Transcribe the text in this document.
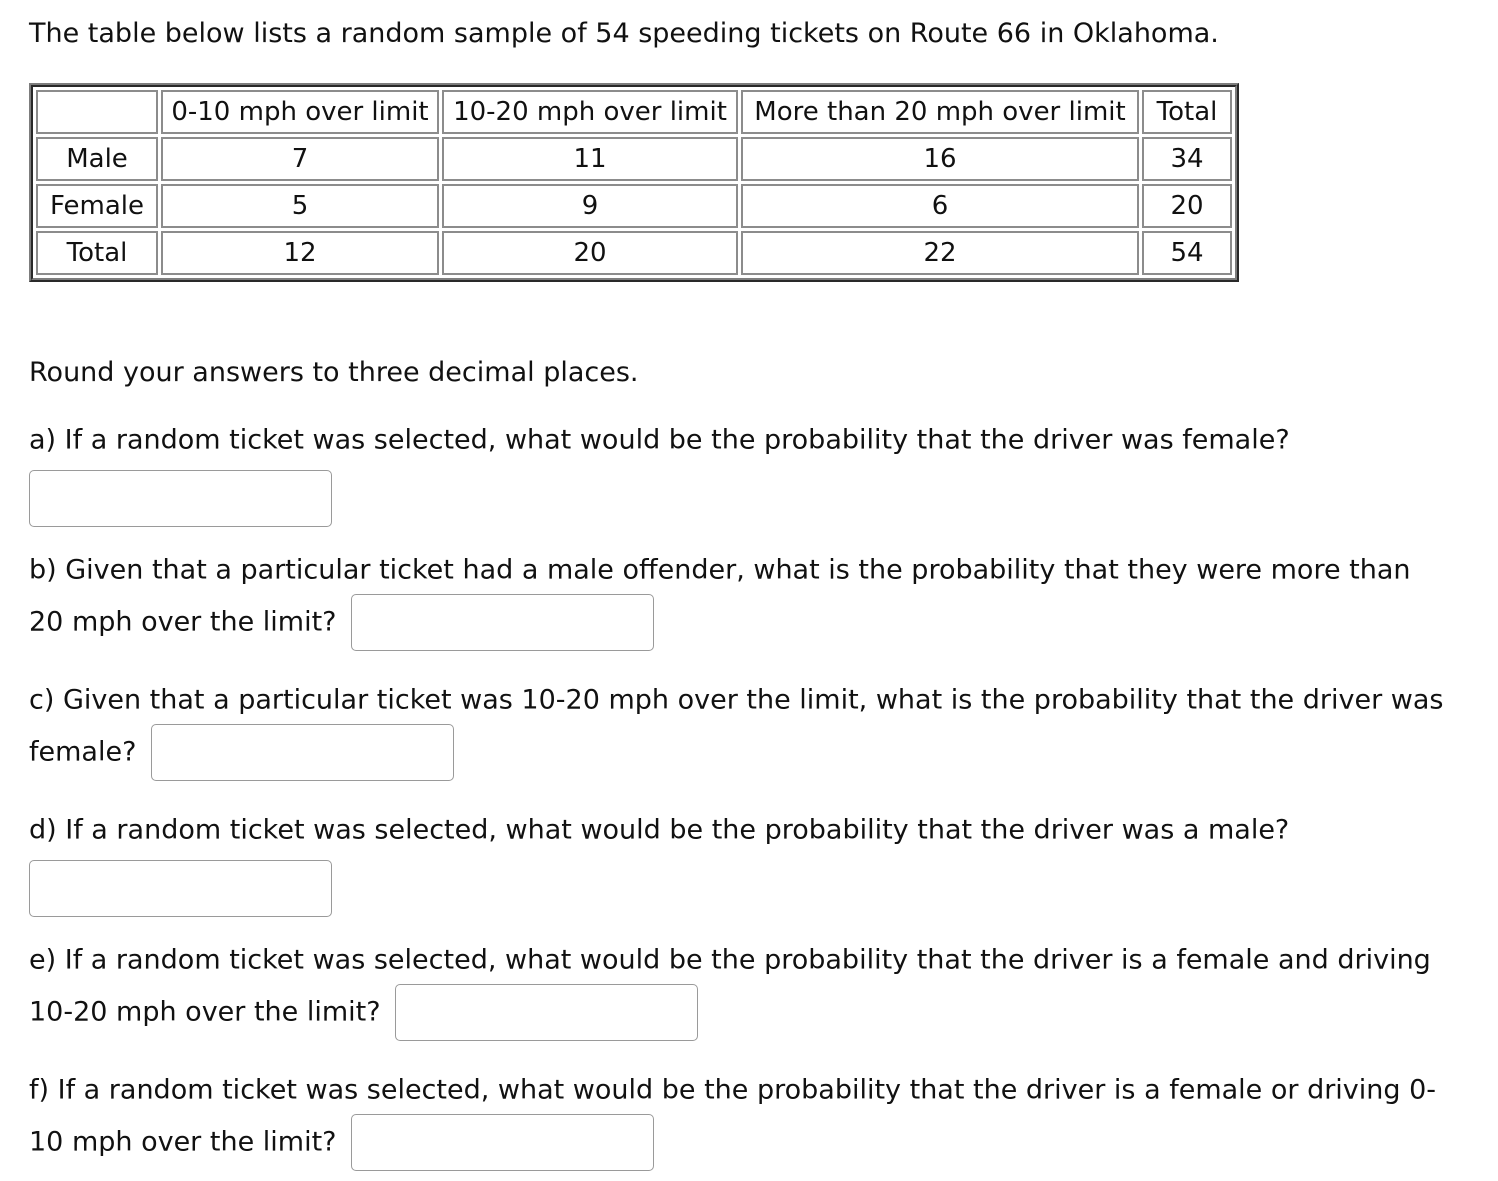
The table below lists a random sample of 54 speeding tickets on Route 66 in Oklahoma.

	0-10 mph over limit	10-20 mph over limit	More than 20 mph over limit	Total
Male	7	11	16	34
Female	5	9	6	20
Total	12	20	22	54

Round your answers to three decimal places.

a) If a random ticket was selected, what would be the probability that the driver was female?
b) Given that a particular ticket had a male offender, what is the probability that they were more than 20 mph over the limit?
c) Given that a particular ticket was 10-20 mph over the limit, what is the probability that the driver was female?
d) If a random ticket was selected, what would be the probability that the driver was a male?
e) If a random ticket was selected, what would be the probability that the driver is a female and driving 10-20 mph over the limit?
f) If a random ticket was selected, what would be the probability that the driver is a female or driving 0-10 mph over the limit?
